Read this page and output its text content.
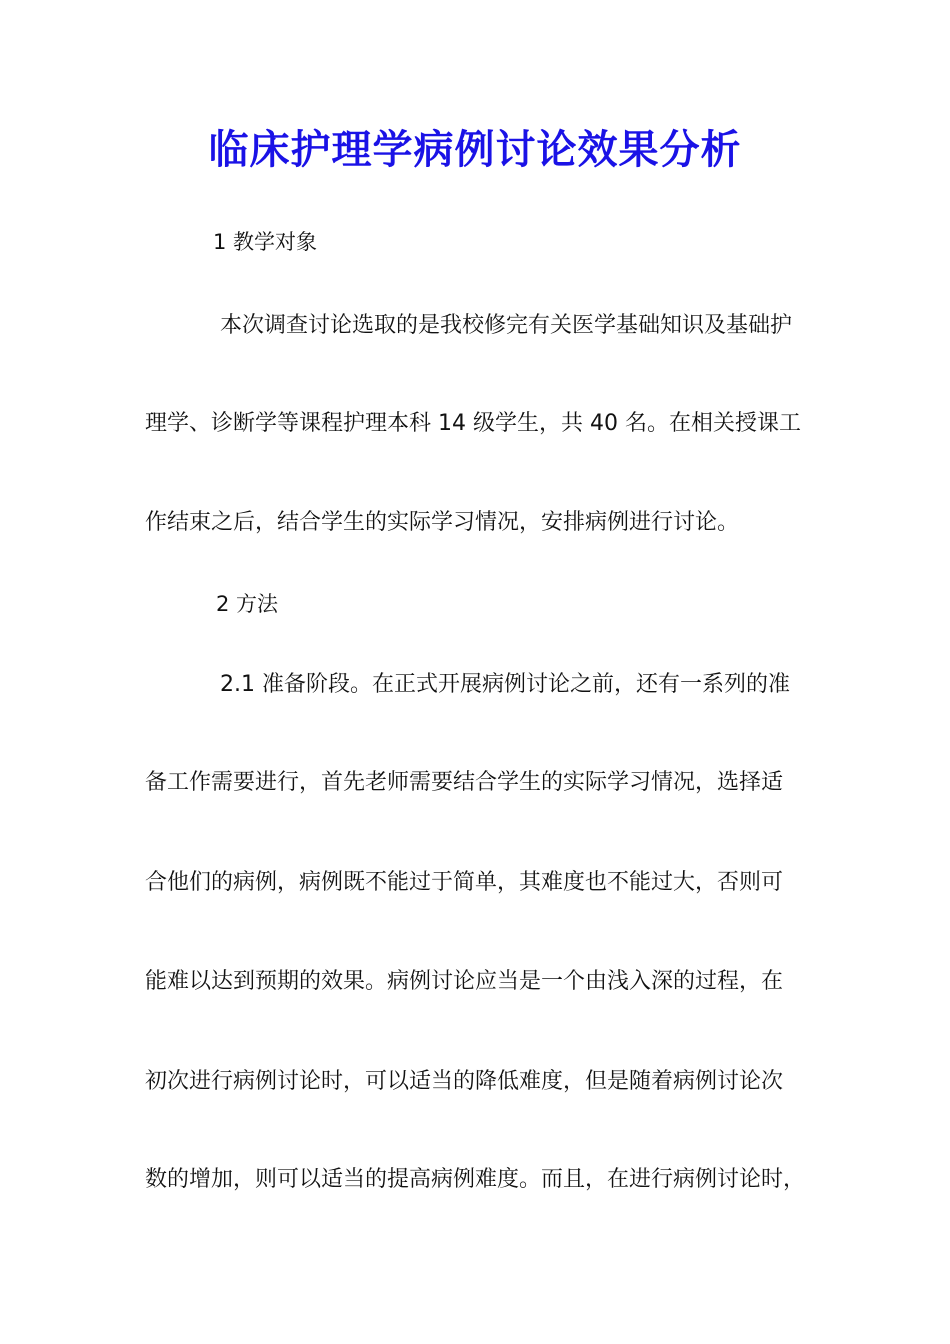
临床护理学病例讨论效果分析
1 教学对象
本次调查讨论选取的是我校修完有关医学基础知识及基础护
理学、诊断学等课程护理本科 14 级学生，共 40 名。在相关授课工
作结束之后，结合学生的实际学习情况，安排病例进行讨论。
2 方法
2.1 准备阶段。在正式开展病例讨论之前，还有一系列的准
备工作需要进行，首先老师需要结合学生的实际学习情况，选择适
合他们的病例，病例既不能过于简单，其难度也不能过大，否则可
能难以达到预期的效果。病例讨论应当是一个由浅入深的过程，在
初次进行病例讨论时，可以适当的降低难度，但是随着病例讨论次
数的增加，则可以适当的提高病例难度。而且，在进行病例讨论时，
